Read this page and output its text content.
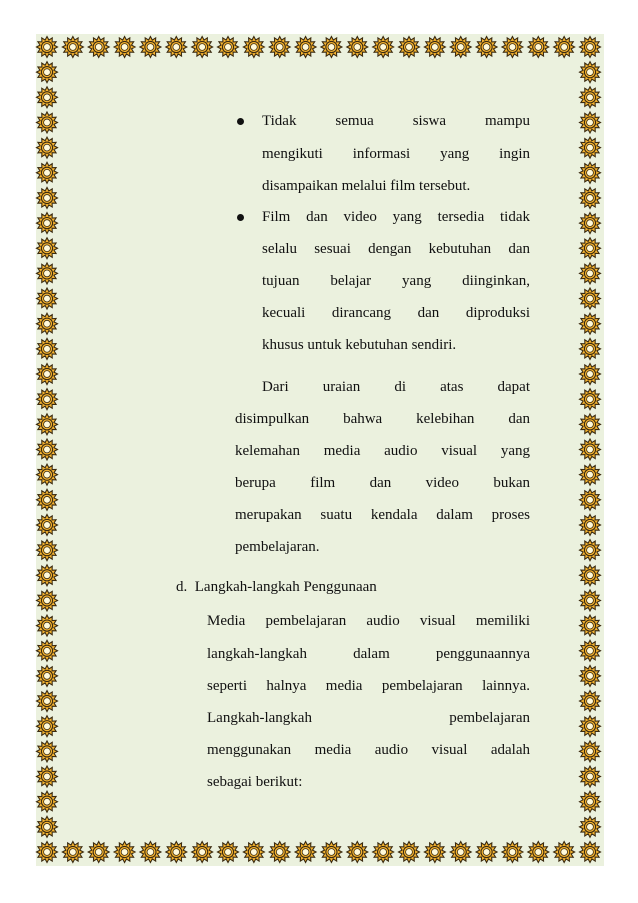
Tidak semua siswa mampu
mengikuti informasi yang ingin
disampaikan melalui film tersebut.
Film dan video yang tersedia tidak
selalu sesuai dengan kebutuhan dan
tujuan belajar yang diinginkan,
kecuali dirancang dan diproduksi
khusus untuk kebutuhan sendiri.
Dari uraian di atas dapat
disimpulkan bahwa kelebihan dan
kelemahan media audio visual yang
berupa film dan video bukan
merupakan suatu kendala dalam proses
pembelajaran.
d.  Langkah-langkah Penggunaan
Media pembelajaran audio visual memiliki
langkah-langkah dalam penggunaannya
seperti halnya media pembelajaran lainnya.
Langkah-langkah pembelajaran
menggunakan media audio visual adalah
sebagai berikut:
